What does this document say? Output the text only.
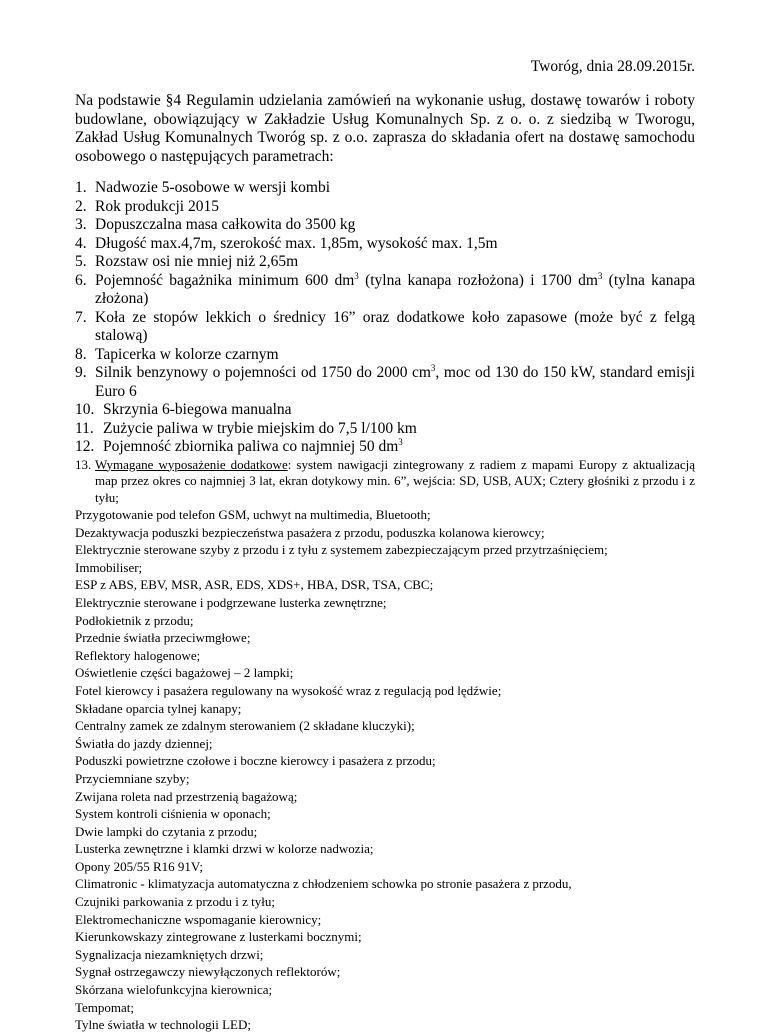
Tworóg, dnia 28.09.2015r.

Na podstawie §4 Regulamin udzielania zamówień na wykonanie usług, dostawę towarów i roboty budowlane, obowiązujący w Zakładzie Usług Komunalnych Sp. z o. o. z siedzibą w Tworogu, Zakład Usług Komunalnych Tworóg sp. z o.o. zaprasza do składania ofert na dostawę samochodu osobowego o następujących parametrach:

1. Nadwozie 5-osobowe w wersji kombi
2. Rok produkcji 2015
3. Dopuszczalna masa całkowita do 3500 kg
4. Długość max.4,7m, szerokość max. 1,85m, wysokość max. 1,5m
5. Rozstaw osi nie mniej niż 2,65m
6. Pojemność bagażnika minimum 600 $dm^3$ (tylna kanapa rozłożona) i 1700 $dm^3$ (tylna kanapa złożona)
7. Koła ze stopów lekkich o średnicy 16” oraz dodatkowe koło zapasowe (może być z felgą stalową)
8. Tapicerka w kolorze czarnym
9. Silnik benzynowy o pojemności od 1750 do 2000 $cm^3$, moc od 130 do 150 kW, standard emisji Euro 6
10. Skrzynia 6-biegowa manualna
11. Zużycie paliwa w trybie miejskim do 7,5 l/100 km
12. Pojemność zbiornika paliwa co najmniej 50 $dm^3$
13. Wymagane wyposażenie dodatkowe: system nawigacji zintegrowany z radiem z mapami Europy z aktualizacją map przez okres co najmniej 3 lat, ekran dotykowy min. 6”, wejścia: SD, USB, AUX; Cztery głośniki z przodu i z tyłu;
Przygotowanie pod telefon GSM, uchwyt na multimedia, Bluetooth;
Dezaktywacja poduszki bezpieczeństwa pasażera z przodu, poduszka kolanowa kierowcy;
Elektrycznie sterowane szyby z przodu i z tyłu z systemem zabezpieczającym przed przytrzaśnięciem;
Immobiliser;
ESP z ABS, EBV, MSR, ASR, EDS, XDS+, HBA, DSR, TSA, CBC;
Elektrycznie sterowane i podgrzewane lusterka zewnętrzne;
Podłokietnik z przodu;
Przednie światła przeciwmgłowe;
Reflektory halogenowe;
Oświetlenie części bagażowej – 2 lampki;
Fotel kierowcy i pasażera regulowany na wysokość wraz z regulacją pod lędźwie;
Składane oparcia tylnej kanapy;
Centralny zamek ze zdalnym sterowaniem (2 składane kluczyki);
Światła do jazdy dziennej;
Poduszki powietrzne czołowe i boczne kierowcy i pasażera z przodu;
Przyciemniane szyby;
Zwijana roleta nad przestrzenią bagażową;
System kontroli ciśnienia w oponach;
Dwie lampki do czytania z przodu;
Lusterka zewnętrzne i klamki drzwi w kolorze nadwozia;
Opony 205/55 R16 91V;
Climatronic - klimatyzacja automatyczna z chłodzeniem schowka po stronie pasażera z przodu,
Czujniki parkowania z przodu i z tyłu;
Elektromechaniczne wspomaganie kierownicy;
Kierunkowskazy zintegrowane z lusterkami bocznymi;
Sygnalizacja niezamkniętych drzwi;
Sygnał ostrzegawczy niewyłączonych reflektorów;
Skórzana wielofunkcyjna kierownica;
Tempomat;
Tylne światła w technologii LED;
